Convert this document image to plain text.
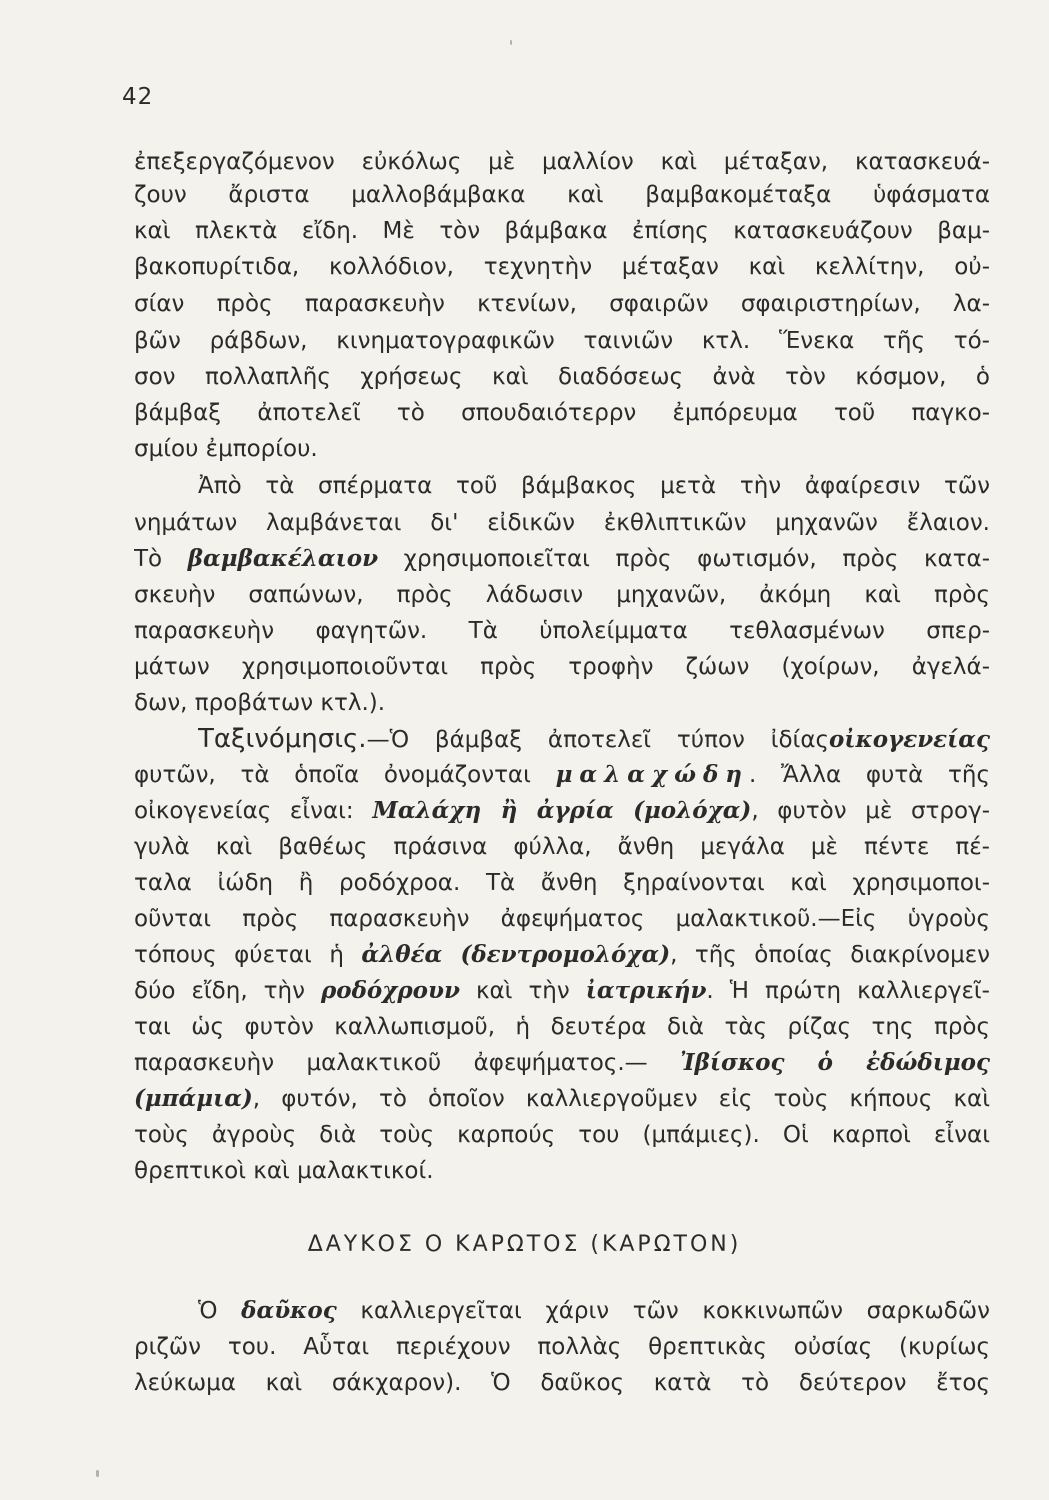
42
ἐπεξεργαζόμενον εὐκόλως μὲ μαλλίον καὶ μέταξαν, κατασκευά-
ζουν ἄριστα μαλλοβάμβακα καὶ βαμβακομέταξα ὑφάσματα
καὶ πλεκτὰ εἴδη. Μὲ τὸν βάμβακα ἐπίσης κατασκευάζουν βαμ-
βακοπυρίτιδα, κολλόδιον, τεχνητὴν μέταξαν καὶ κελλίτην, οὐ-
σίαν πρὸς παρασκευὴν κτενίων, σφαιρῶν σφαιριστηρίων, λα-
βῶν ράβδων, κινηματογραφικῶν ταινιῶν κτλ. Ἕνεκα τῆς τό-
σον πολλαπλῆς χρήσεως καὶ διαδόσεως ἀνὰ τὸν κόσμον, ὁ
βάμβαξ ἀποτελεῖ τὸ σπουδαιότερρν ἐμπόρευμα τοῦ παγκο-
σμίου ἐμπορίου.
Ἀπὸ τὰ σπέρματα τοῦ βάμβακος μετὰ τὴν ἀφαίρεσιν τῶν
νημάτων λαμβάνεται δι' εἰδικῶν ἐκθλιπτικῶν μηχανῶν ἔλαιον.
Τὸ βαμβακέλαιον χρησιμοποιεῖται πρὸς φωτισμόν, πρὸς κατα-
σκευὴν σαπώνων, πρὸς λάδωσιν μηχανῶν, ἀκόμη καὶ πρὸς
παρασκευὴν φαγητῶν. Τὰ ὑπολείμματα τεθλασμένων σπερ-
μάτων χρησιμοποιοῦνται πρὸς τροφὴν ζώων (χοίρων, ἀγελά-
δων, προβάτων κτλ.).
Ταξινόμησις.—Ὁ βάμβαξ ἀποτελεῖ τύπον ἰδίαςοἰκογενείας
φυτῶν, τὰ ὁποῖα ὀνομάζονται μαλαχώδη. Ἄλλα φυτὰ τῆς
οἰκογενείας εἶναι: Μαλάχη ἢ ἀγρία (μολόχα), φυτὸν μὲ στρογ-
γυλὰ καὶ βαθέως πράσινα φύλλα, ἄνθη μεγάλα μὲ πέντε πέ-
ταλα ἰώδη ἢ ροδόχροα. Τὰ ἄνθη ξηραίνονται καὶ χρησιμοποι-
οῦνται πρὸς παρασκευὴν ἀφεψήματος μαλακτικοῦ.—Εἰς ὑγροὺς
τόπους φύεται ἡ ἀλθέα (δεντρομολόχα), τῆς ὁποίας διακρίνομεν
δύο εἴδη, τὴν ροδόχρουν καὶ τὴν ἰατρικήν. Ἡ πρώτη καλλιεργεῖ-
ται ὡς φυτὸν καλλωπισμοῦ, ἡ δευτέρα διὰ τὰς ρίζας της πρὸς
παρασκευὴν μαλακτικοῦ ἀφεψήματος.— Ἰβίσκος ὁ ἐδώδιμος
(μπάμια), φυτόν, τὸ ὁποῖον καλλιεργοῦμεν εἰς τοὺς κήπους καὶ
τοὺς ἀγροὺς διὰ τοὺς καρπούς του (μπάμιες). Οἱ καρποὶ εἶναι
θρεπτικοὶ καὶ μαλακτικοί.
ΔΑΥΚΟΣ Ο ΚΑΡΩΤΟΣ (ΚΑΡΩΤΟΝ)
Ὁ δαῦκος καλλιεργεῖται χάριν τῶν κοκκινωπῶν σαρκωδῶν
ριζῶν του. Αὗται περιέχουν πολλὰς θρεπτικὰς οὐσίας (κυρίως
λεύκωμα καὶ σάκχαρον). Ὁ δαῦκος κατὰ τὸ δεύτερον ἔτος
